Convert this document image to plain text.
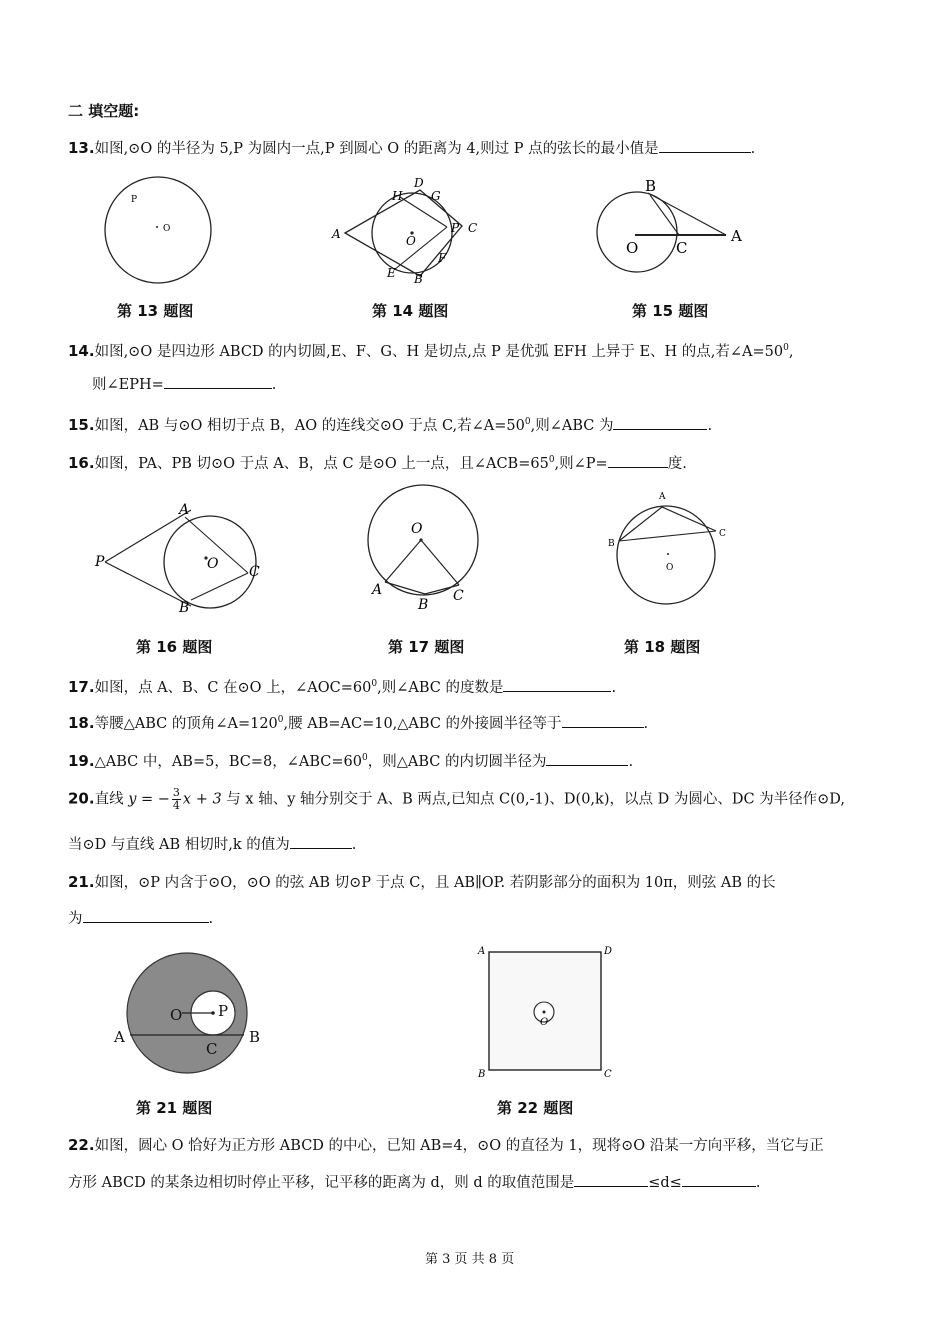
二 填空题:
13.如图,⊙O 的半径为 5,P 为圆内一点,P 到圆心 O 的距离为 4,则过 P 点的弦长的最小值是	.
P
O
第 13 题图
A
B
C
D
E
F
G
H
P
O
第 14 题图
B
O	C
A
第 15 题图
14.如图,⊙O 是四边形 ABCD 的内切圆,E、F、G、H 是切点,点 P 是优弧 EFH 上异于 E、H 的点,若$\angle A=50^0$,
则∠EPH=	.
15.如图，AB 与⊙O 相切于点 B，AO 的连线交⊙O 于点 C,若$\angle A=50^0$,则∠ABC 为	.
16.如图，PA、PB 切⊙O 于点 A、B，点 C 是⊙O 上一点，且$\angle ACB=65^0$,则∠P=	度.
P
A
B
C
O
第 16 题图
O
A
B
C
第 17 题图
A
B
C
O
第 18 题图
17.如图，点 A、B、C 在⊙O 上，$\angle AOC=60^0$,则∠ABC 的度数是	.
18.等腰△ABC 的顶角$\angle A=120^0$,腰 AB=AC=10,△ABC 的外接圆半径等于	.
19.△ABC 中，AB=5，BC=8，$\angle ABC=60^0$，则△ABC 的内切圆半径为	.
20.直线 y = − $\frac{3}{4}$ x + 3 与 x 轴、y 轴分别交于 A、B 两点,已知点 C(0,-1)、D(0,k)，以点 D 为圆心、DC 为半径作⊙D,
当⊙D 与直线 AB 相切时,k 的值为	.
21.如图，⊙P 内含于⊙O，⊙O 的弦 AB 切⊙P 于点 C，且 AB∥OP. 若阴影部分的面积为 10π，则弦 AB 的长
为	.
O P
A	B
C
第 21 题图
A	D
B	C
O
第 22 题图
22.如图，圆心 O 恰好为正方形 ABCD 的中心，已知 AB=4，⊙O 的直径为 1，现将⊙O 沿某一方向平移，当它与正
方形 ABCD 的某条边相切时停止平移，记平移的距离为 d，则 d 的取值范围是	≤d≤	.
第 3 页 共 8 页
